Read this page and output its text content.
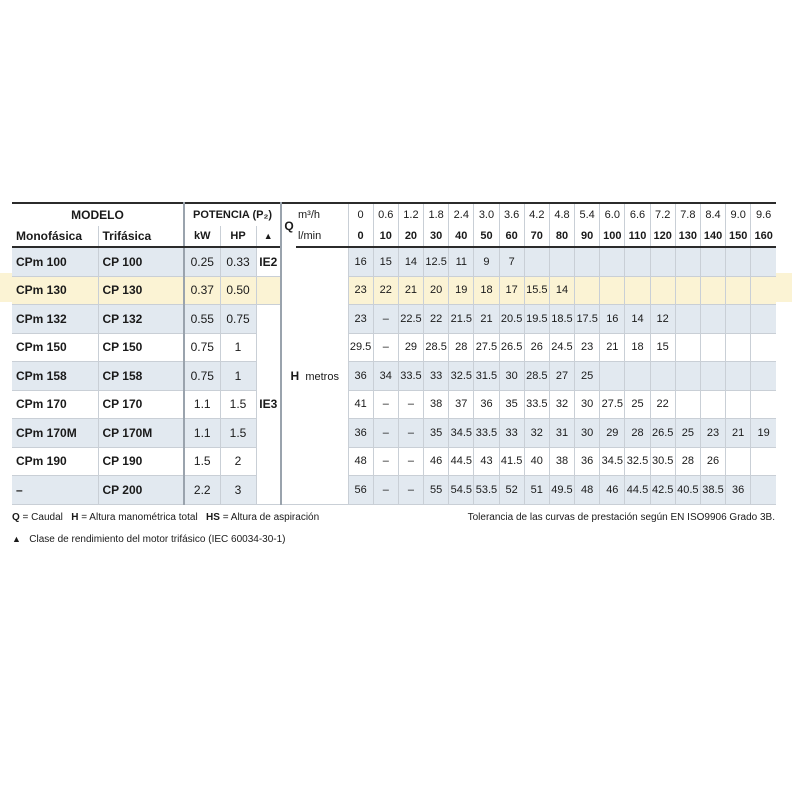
MODELO		POTENCIA (P₂)			Q	m³/h	0	0.6	1.2	1.8	2.4	3.0	3.6	4.2	4.8	5.4	6.0	6.6	7.2	7.8	8.4	9.0	9.6
Monofásica	Trifásica	kW	HP	▲		l/min	0	10	20	30	40	50	60	70	80	90	100	110	120	130	140	150	160
CPm 100	CP 100	0.25	0.33	IE2	H metros		16	15	14	12.5	11	9	7										
CPm 130	CP 130	0.37	0.50				23	22	21	20	19	18	17	15.5	14								
CPm 132	CP 132	0.55	0.75	IE3			23	–	22.5	22	21.5	21	20.5	19.5	18.5	17.5	16	14	12				
CPm 150	CP 150	0.75	1				29.5	–	29	28.5	28	27.5	26.5	26	24.5	23	21	18	15				
CPm 158	CP 158	0.75	1				36	34	33.5	33	32.5	31.5	30	28.5	27	25							
CPm 170	CP 170	1.1	1.5				41	–	–	38	37	36	35	33.5	32	30	27.5	25	22				
CPm 170M	CP 170M	1.1	1.5				36	–	–	35	34.5	33.5	33	32	31	30	29	28	26.5	25	23	21	19
CPm 190	CP 190	1.5	2				48	–	–	46	44.5	43	41.5	40	38	36	34.5	32.5	30.5	28	26		
–	CP 200	2.2	3				56	–	–	55	54.5	53.5	52	51	49.5	48	46	44.5	42.5	40.5	38.5	36	
Q = Caudal H = Altura manométrica total HS = Altura de aspiración	Tolerancia de las curvas de prestación según EN ISO9906 Grado 3B.
▲ Clase de rendimiento del motor trifásico (IEC 60034-30-1)
